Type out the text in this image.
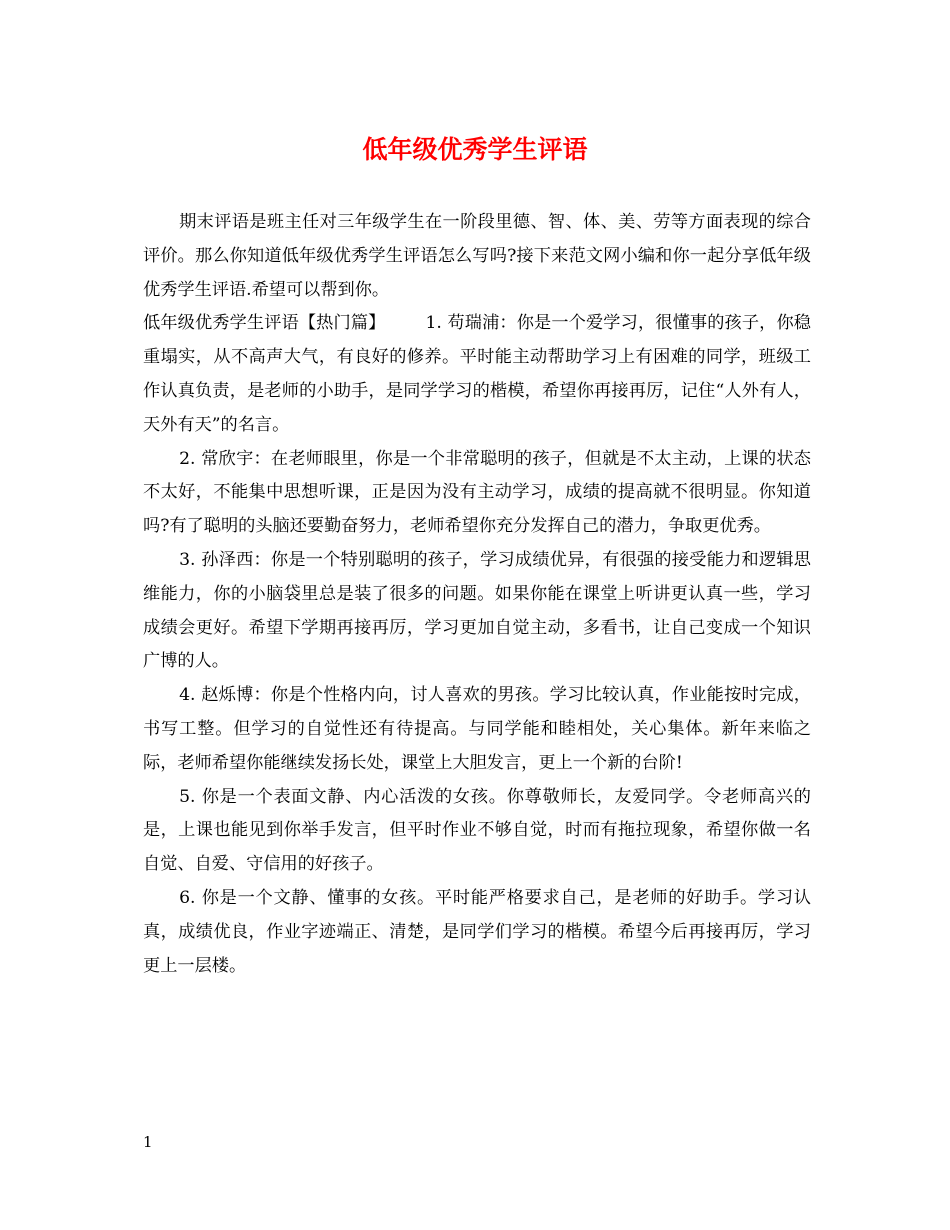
低年级优秀学生评语

期末评语是班主任对三年级学生在一阶段里德、智、体、美、劳等方面表现的综合评价。那么你知道低年级优秀学生评语怎么写吗?接下来范文网小编和你一起分享低年级优秀学生评语.希望可以帮到你。

低年级优秀学生评语【热门篇】   1. 苟瑞浦：你是一个爱学习，很懂事的孩子，你稳重塌实，从不高声大气，有良好的修养。平时能主动帮助学习上有困难的同学，班级工作认真负责，是老师的小助手，是同学学习的楷模，希望你再接再厉，记住“人外有人，天外有天”的名言。

2. 常欣宇：在老师眼里，你是一个非常聪明的孩子，但就是不太主动，上课的状态不太好，不能集中思想听课，正是因为没有主动学习，成绩的提高就不很明显。你知道吗?有了聪明的头脑还要勤奋努力，老师希望你充分发挥自己的潜力，争取更优秀。

3. 孙泽西：你是一个特别聪明的孩子，学习成绩优异，有很强的接受能力和逻辑思维能力，你的小脑袋里总是装了很多的问题。如果你能在课堂上听讲更认真一些，学习成绩会更好。希望下学期再接再厉，学习更加自觉主动，多看书，让自己变成一个知识广博的人。

4. 赵烁博：你是个性格内向，讨人喜欢的男孩。学习比较认真，作业能按时完成，书写工整。但学习的自觉性还有待提高。与同学能和睦相处，关心集体。新年来临之际，老师希望你能继续发扬长处，课堂上大胆发言，更上一个新的台阶!

5. 你是一个表面文静、内心活泼的女孩。你尊敬师长，友爱同学。令老师高兴的是，上课也能见到你举手发言，但平时作业不够自觉，时而有拖拉现象，希望你做一名自觉、自爱、守信用的好孩子。

6. 你是一个文静、懂事的女孩。平时能严格要求自己，是老师的好助手。学习认真，成绩优良，作业字迹端正、清楚，是同学们学习的楷模。希望今后再接再厉，学习更上一层楼。

1
